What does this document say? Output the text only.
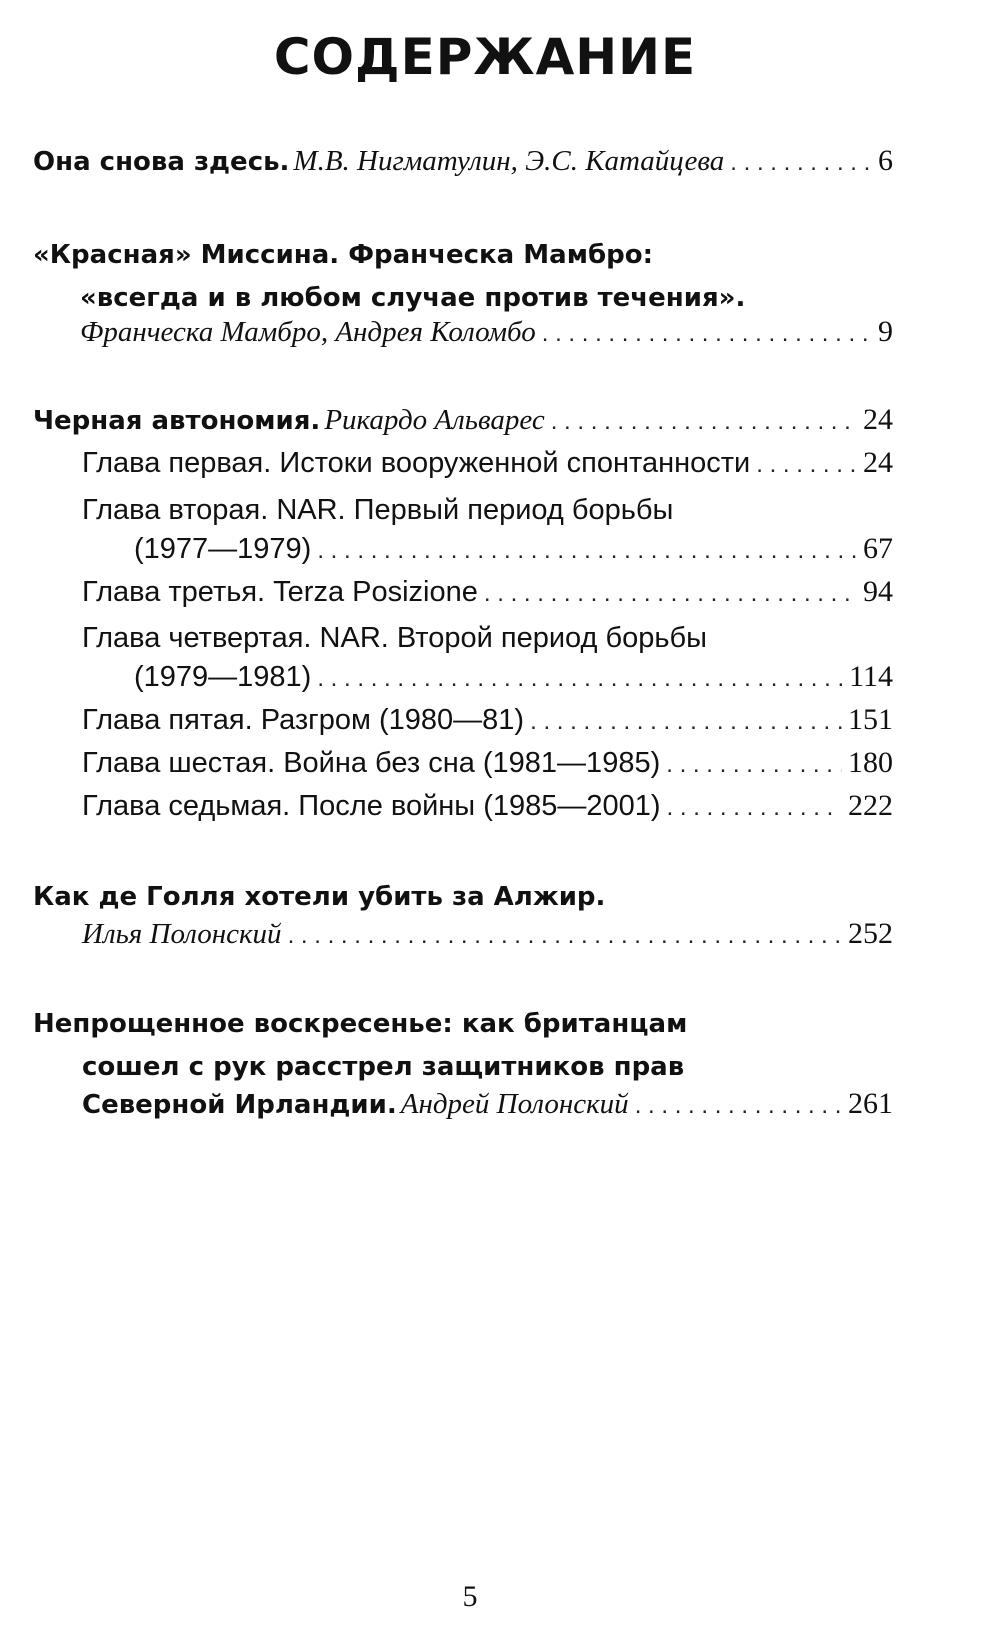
СОДЕРЖАНИЕ
Она снова здесь. М.В. Нигматулин, Э.С. Катайцева . . .	6
«Красная» Миссина. Франческа Мамбро:
«всегда и в любом случае против течения».
Франческа Мамбро, Андрея Коломбо . . .	9
Черная автономия. Рикардо Альварес . . .	24
Глава первая. Истоки вооруженной спонтанности . . .	24
Глава вторая. NAR. Первый период борьбы
(1977—1979) . . .	67
Глава третья. Terza Posizione . . .	94
Глава четвертая. NAR. Второй период борьбы
(1979—1981) . . .	114
Глава пятая. Разгром (1980—81) . . .	151
Глава шестая. Война без сна (1981—1985) . . .	180
Глава седьмая. После войны (1985—2001) . . .	222
Как де Голля хотели убить за Алжир.
Илья Полонский . . .	252
Непрощенное воскресенье: как британцам
сошел с рук расстрел защитников прав
Северной Ирландии. Андрей Полонский . . .	261
5
